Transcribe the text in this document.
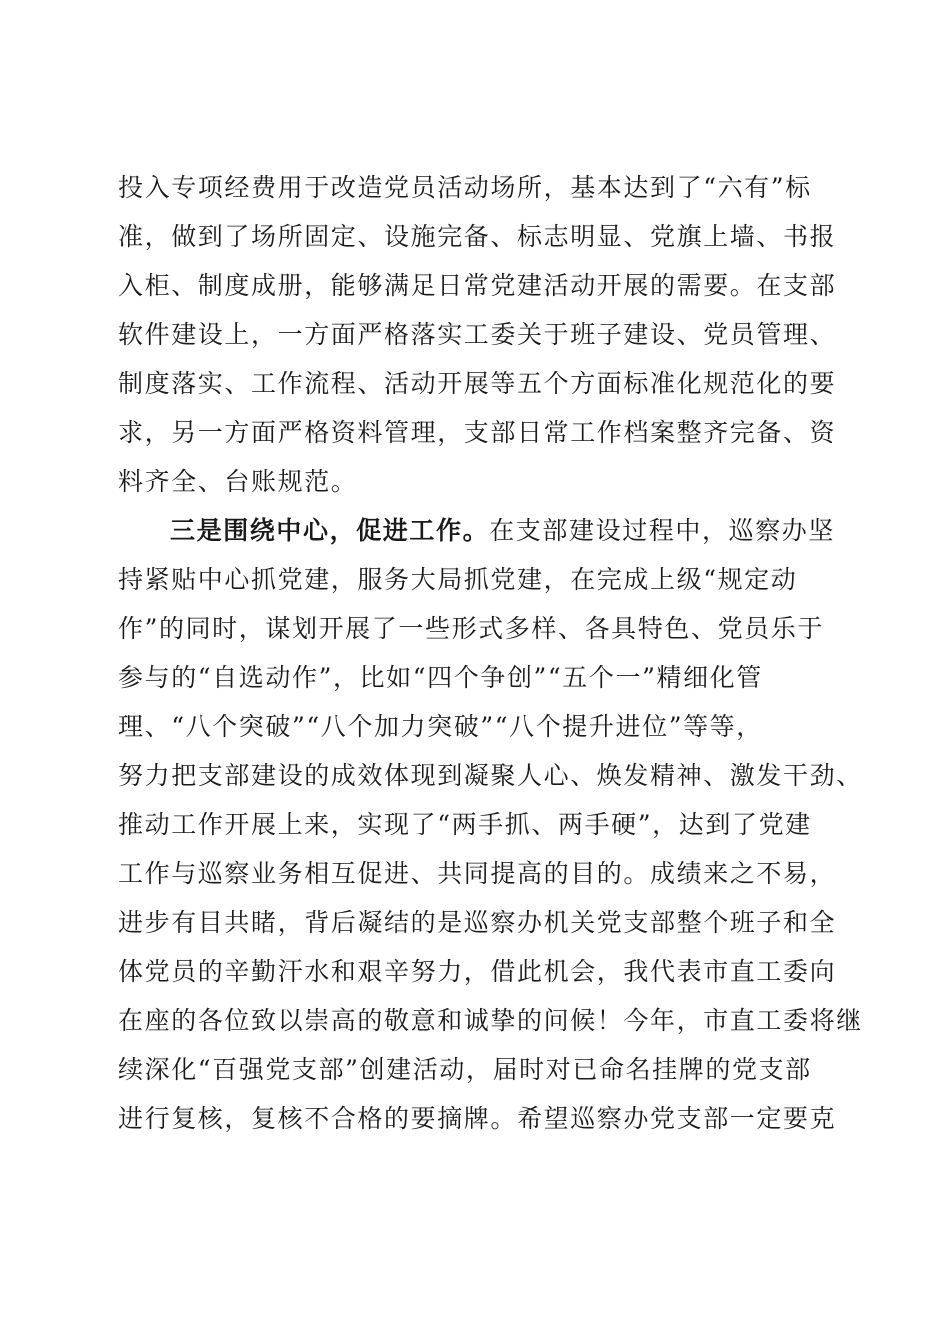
投入专项经费用于改造党员活动场所，基本达到了“六有”标
准，做到了场所固定、设施完备、标志明显、党旗上墙、书报
入柜、制度成册，能够满足日常党建活动开展的需要。在支部
软件建设上，一方面严格落实工委关于班子建设、党员管理、
制度落实、工作流程、活动开展等五个方面标准化规范化的要
求，另一方面严格资料管理，支部日常工作档案整齐完备、资
料齐全、台账规范。
三是围绕中心，促进工作。在支部建设过程中，巡察办坚
持紧贴中心抓党建，服务大局抓党建，在完成上级“规定动
作”的同时，谋划开展了一些形式多样、各具特色、党员乐于
参与的“自选动作”，比如“四个争创”“五个一”精细化管
理、“八个突破”“八个加力突破”“八个提升进位”等等，
努力把支部建设的成效体现到凝聚人心、焕发精神、激发干劲、
推动工作开展上来，实现了“两手抓、两手硬”，达到了党建
工作与巡察业务相互促进、共同提高的目的。成绩来之不易，
进步有目共睹，背后凝结的是巡察办机关党支部整个班子和全
体党员的辛勤汗水和艰辛努力，借此机会，我代表市直工委向
在座的各位致以崇高的敬意和诚挚的问候！今年，市直工委将继
续深化“百强党支部”创建活动，届时对已命名挂牌的党支部
进行复核，复核不合格的要摘牌。希望巡察办党支部一定要克
